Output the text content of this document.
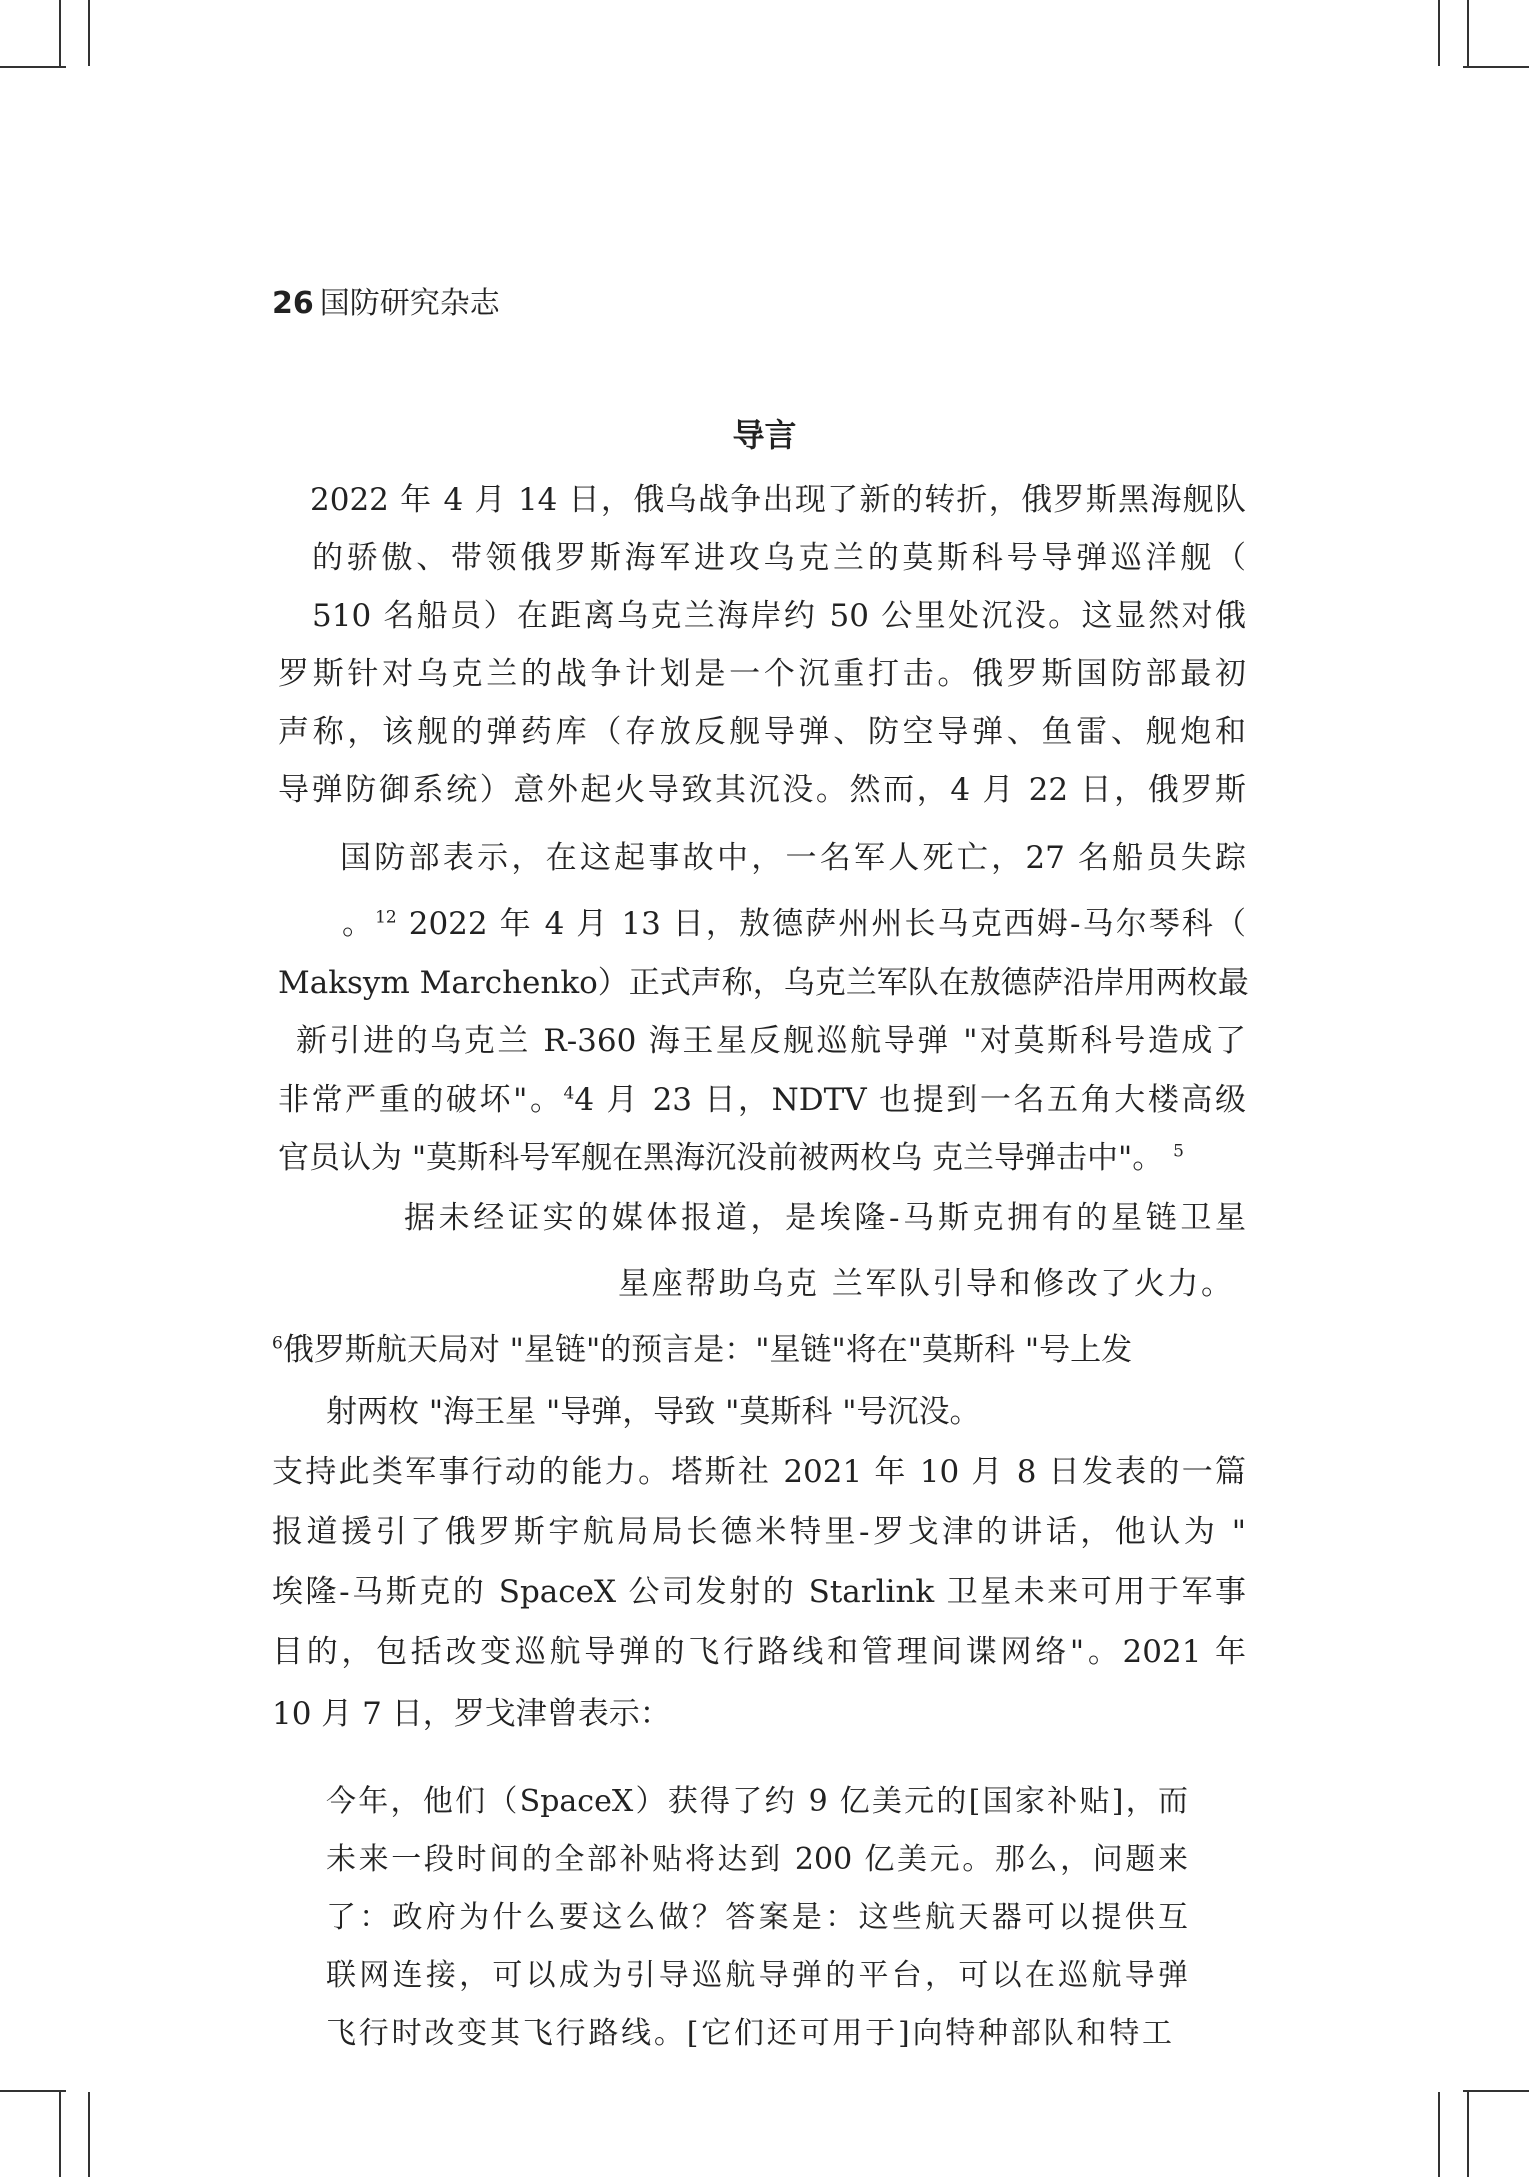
26 国防研究杂志
导言
2022 年 4 月 14 日，俄乌战争出现了新的转折，俄罗斯黑海舰队
的骄傲、带领俄罗斯海军进攻乌克兰的莫斯科号导弹巡洋舰（
510 名船员）在距离乌克兰海岸约 50 公里处沉没。这显然对俄
罗斯针对乌克兰的战争计划是一个沉重打击。俄罗斯国防部最初
声称，该舰的弹药库（存放反舰导弹、防空导弹、鱼雷、舰炮和
导弹防御系统）意外起火导致其沉没。然而，4 月 22 日，俄罗斯
国防部表示，在这起事故中，一名军人死亡，27 名船员失踪
。$^{12}$ 2022 年 4 月 13 日，敖德萨州州长马克西姆-马尔琴科（
Maksym Marchenko）正式声称，乌克兰军队在敖德萨沿岸用两枚最
新引进的乌克兰 R-360 海王星反舰巡航导弹 "对莫斯科号造成了
非常严重的破坏"。$^4$4 月 23 日，NDTV 也提到一名五角大楼高级
官员认为 "莫斯科号军舰在黑海沉没前被两枚乌 克兰导弹击中"。 $^5$
据未经证实的媒体报道，是埃隆-马斯克拥有的星链卫星
星座帮助乌克 兰军队引导和修改了火力。
$^6$俄罗斯航天局对 "星链"的预言是："星链"将在"莫斯科 "号上发
射两枚 "海王星 "导弹，导致 "莫斯科 "号沉没。
支持此类军事行动的能力。塔斯社 2021 年 10 月 8 日发表的一篇
报道援引了俄罗斯宇航局局长德米特里-罗戈津的讲话，他认为 "
埃隆-马斯克的 SpaceX 公司发射的 Starlink 卫星未来可用于军事
目的，包括改变巡航导弹的飞行路线和管理间谍网络"。2021 年
10 月 7 日，罗戈津曾表示：
今年，他们（SpaceX）获得了约 9 亿美元的[国家补贴]，而
未来一段时间的全部补贴将达到 200 亿美元。那么，问题来
了：政府为什么要这么做？答案是：这些航天器可以提供互
联网连接，可以成为引导巡航导弹的平台，可以在巡航导弹
飞行时改变其飞行路线。[它们还可用于]向特种部队和特工
